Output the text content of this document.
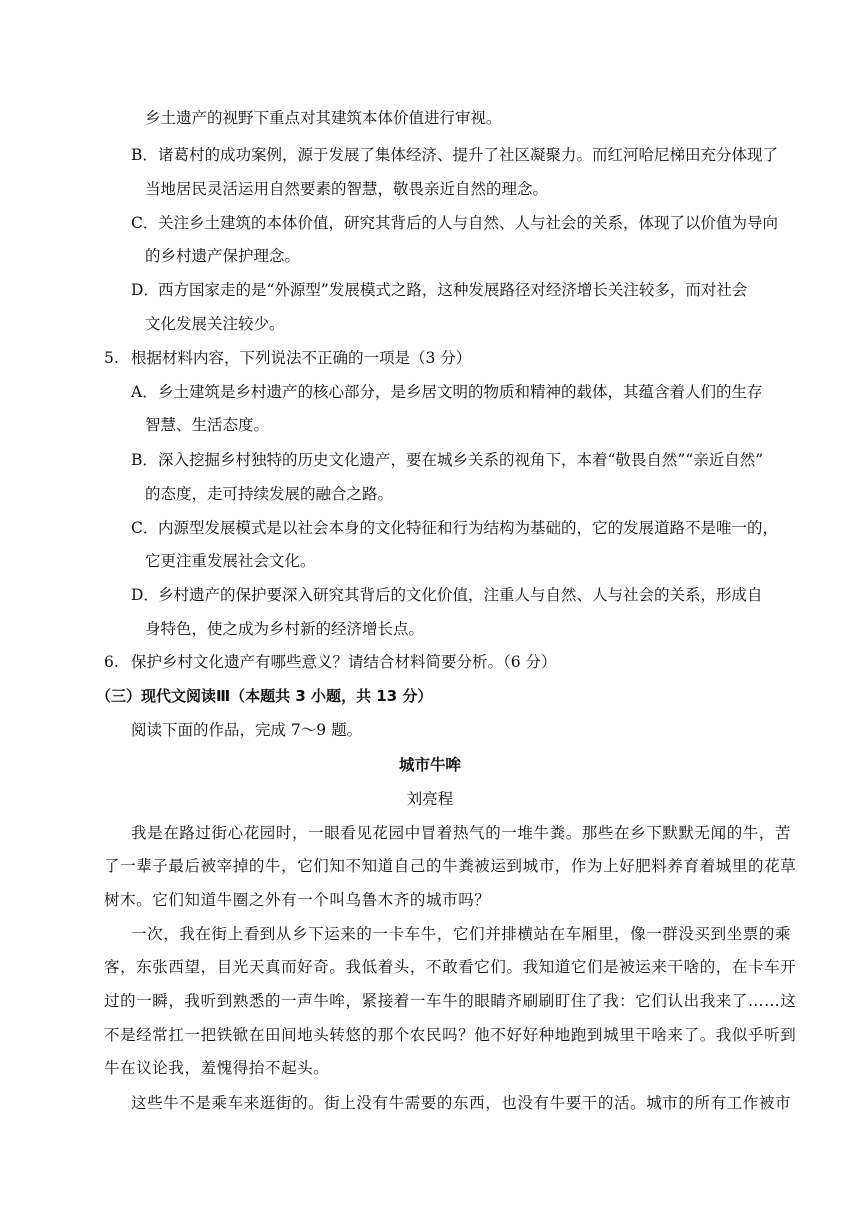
乡土遗产的视野下重点对其建筑本体价值进行审视。
B． 诸葛村的成功案例，源于发展了集体经济、提升了社区凝聚力。而红河哈尼梯田充分体现了
当地居民灵活运用自然要素的智慧，敬畏亲近自然的理念。
C． 关注乡土建筑的本体价值，研究其背后的人与自然、人与社会的关系，体现了以价值为导向
的乡村遗产保护理念。
D． 西方国家走的是“外源型”发展模式之路，这种发展路径对经济增长关注较多，而对社会
文化发展关注较少。
5. 根据材料内容，下列说法不正确的一项是（3 分）
A． 乡土建筑是乡村遗产的核心部分，是乡居文明的物质和精神的载体，其蕴含着人们的生存
智慧、生活态度。
B． 深入挖掘乡村独特的历史文化遗产，要在城乡关系的视角下，本着“敬畏自然”“亲近自然”
的态度，走可持续发展的融合之路。
C． 内源型发展模式是以社会本身的文化特征和行为结构为基础的，它的发展道路不是唯一的，
它更注重发展社会文化。
D． 乡村遗产的保护要深入研究其背后的文化价值，注重人与自然、人与社会的关系，形成自
身特色，使之成为乡村新的经济增长点。
6. 保护乡村文化遗产有哪些意义？请结合材料简要分析。（6 分）
（三）现代文阅读Ⅲ（本题共 3 小题，共 13 分）
阅读下面的作品，完成 7～9 题。
城市牛哞
刘亮程
我是在路过街心花园时，一眼看见花园中冒着热气的一堆牛粪。那些在乡下默默无闻的牛，苦
了一辈子最后被宰掉的牛，它们知不知道自己的牛粪被运到城市，作为上好肥料养育着城里的花草
树木。它们知道牛圈之外有一个叫乌鲁木齐的城市吗？
一次，我在街上看到从乡下运来的一卡车牛，它们并排横站在车厢里，像一群没买到坐票的乘
客，东张西望，目光天真而好奇。我低着头，不敢看它们。我知道它们是被运来干啥的，在卡车开
过的一瞬，我听到熟悉的一声牛哞，紧接着一车牛的眼睛齐刷刷盯住了我：它们认出我来了……这
不是经常扛一把铁锨在田间地头转悠的那个农民吗？他不好好种地跑到城里干啥来了。我似乎听到
牛在议论我，羞愧得抬不起头。
这些牛不是乘车来逛街的。街上没有牛需要的东西，也没有牛要干的活。城市的所有工作被市
